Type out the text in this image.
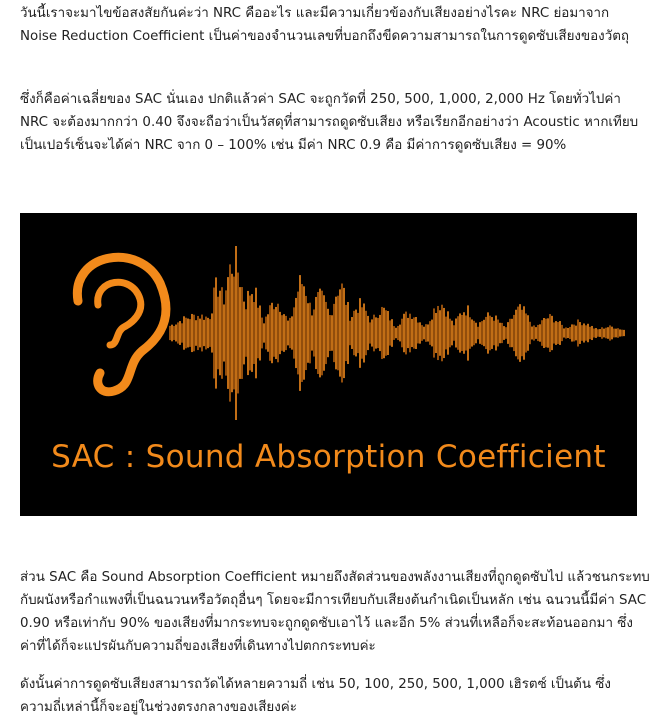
วันนี้เราจะมาไขข้อสงสัยกันค่ะว่า NRC คืออะไร และมีความเกี่ยวข้องกับเสียงอย่างไรคะ NRC ย่อมาจาก Noise Reduction Coefficient เป็นค่าของจำนวนเลขที่บอกถึงขีดความสามารถในการดูดซับเสียงของวัตถุ

ซึ่งก็คือค่าเฉลี่ยของ SAC นั่นเอง ปกติแล้วค่า SAC จะถูกวัดที่ 250, 500, 1,000, 2,000 Hz โดยทั่วไปค่า NRC จะต้องมากกว่า 0.40 จึงจะถือว่าเป็นวัสดุที่สามารถดูดซับเสียง หรือเรียกอีกอย่างว่า Acoustic หากเทียบเป็นเปอร์เซ็นจะได้ค่า NRC จาก 0 – 100% เช่น มีค่า NRC 0.9 คือ มีค่าการดูดซับเสียง = 90%

SAC : Sound Absorption Coefficient

ส่วน SAC คือ Sound Absorption Coefficient หมายถึงสัดส่วนของพลังงานเสียงที่ถูกดูดซับไป แล้วชนกระทบกับผนังหรือกำแพงที่เป็นฉนวนหรือวัตถุอื่นๆ โดยจะมีการเทียบกับเสียงต้นกำเนิดเป็นหลัก เช่น ฉนวนนี้มีค่า SAC 0.90 หรือเท่ากับ 90% ของเสียงที่มากระทบจะถูกดูดซับเอาไว้ และอีก 5% ส่วนที่เหลือก็จะสะท้อนออกมา ซึ่งค่าที่ได้ก็จะแปรผันกับความถี่ของเสียงที่เดินทางไปตกกระทบค่ะ

ดังนั้นค่าการดูดซับเสียงสามารถวัดได้หลายความถี่ เช่น 50, 100, 250, 500, 1,000 เฮิรตซ์ เป็นต้น ซึ่งความถี่เหล่านี้ก็จะอยู่ในช่วงตรงกลางของเสียงค่ะ
